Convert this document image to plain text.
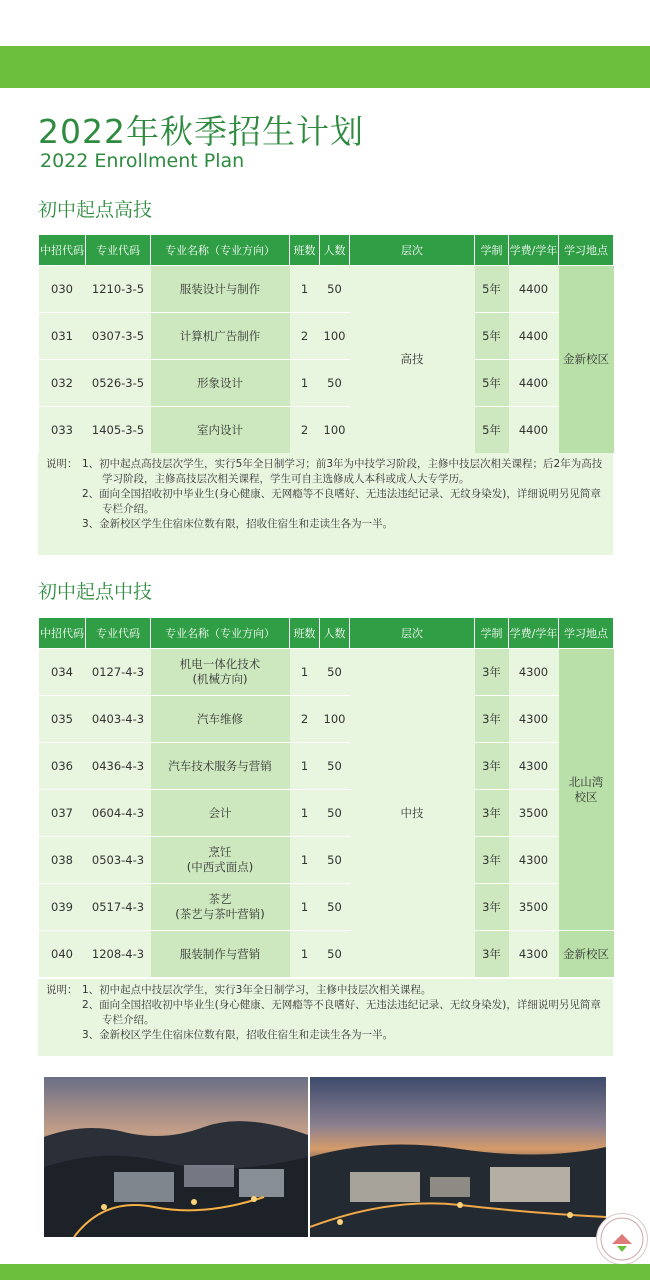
2022年秋季招生计划
2022 Enrollment Plan
初中起点高技
中招代码	专业代码	专业名称（专业方向）	班数	人数	层次	学制	学费/学年	学习地点
030	1210-3-5	服装设计与制作	1	50	高技	5年	4400	金新校区
031	0307-3-5	计算机广告制作	2	100		5年	4400	
032	0526-3-5	形象设计	1	50		5年	4400	
033	1405-3-5	室内设计	2	100		5年	4400	
说明： 1、初中起点高技层次学生，实行5年全日制学习；前3年为中技学习阶段，主修中技层次相关课程；后2年为高技学习阶段，主修高技层次相关课程，学生可自主选修成人本科或成人大专学历。
2、面向全国招收初中毕业生(身心健康、无网瘾等不良嗜好、无违法违纪记录、无纹身染发)，详细说明另见简章专栏介绍。
3、金新校区学生住宿床位数有限，招收住宿生和走读生各为一半。
初中起点中技
中招代码	专业代码	专业名称（专业方向）	班数	人数	层次	学制	学费/学年	学习地点
034	0127-4-3	机电一体化技术
(机械方向)	1	50	中技	3年	4300	北山湾校区

035	0403-4-3	汽车维修	2	100		3年	4300	
036	0436-4-3	汽车技术服务与营销	1	50		3年	4300	
037	0604-4-3	会计	1	50		3年	3500	
038	0503-4-3	烹饪
(中西式面点)	1	50		3年	4300	
039	0517-4-3	茶艺
(茶艺与茶叶营销)	1	50		3年	3500	
040	1208-4-3	服装制作与营销	1	50		3年	4300	金新校区
说明： 1、初中起点中技层次学生，实行3年全日制学习，主修中技层次相关课程。
2、面向全国招收初中毕业生(身心健康、无网瘾等不良嗜好、无违法违纪记录、无纹身染发)，详细说明另见简章专栏介绍。
3、金新校区学生住宿床位数有限，招收住宿生和走读生各为一半。
